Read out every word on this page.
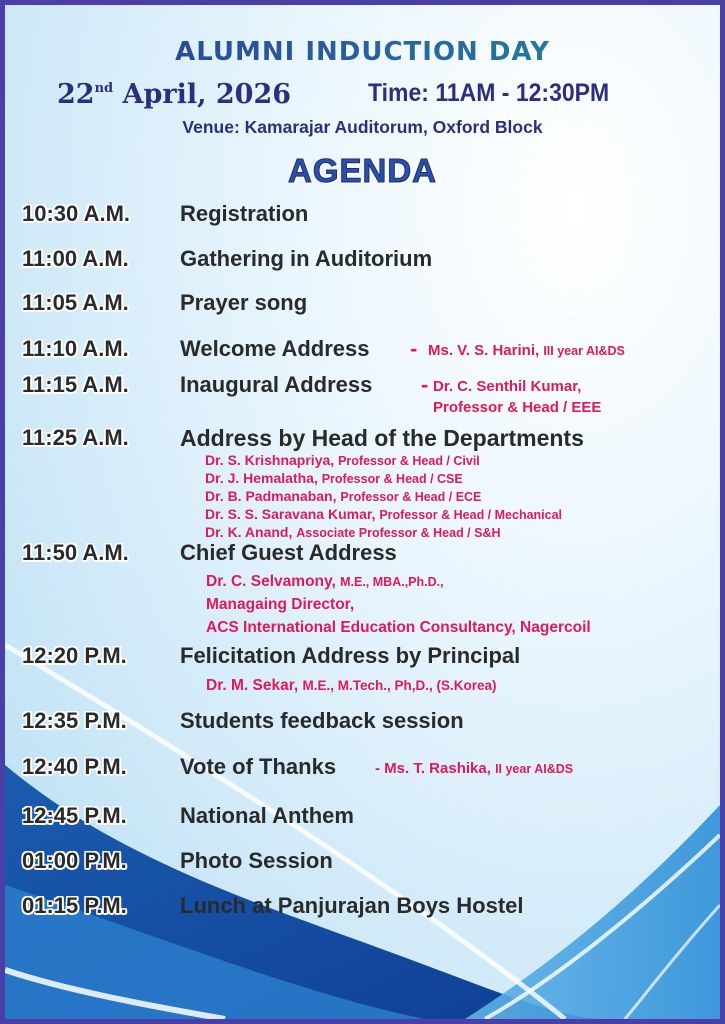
ALUMNI INDUCTION DAY
22nd April, 2026	Time: 11AM - 12:30PM
Venue: Kamarajar Auditorum, Oxford Block
AGENDA
10:30 A.M. Registration
11:00 A.M. Gathering in Auditorium
11:05 A.M. Prayer song
11:10 A.M. Welcome Address - Ms. V. S. Harini, III year AI&DS
11:15 A.M. Inaugural Address - Dr. C. Senthil Kumar,
Professor & Head / EEE
11:25 A.M. Address by Head of the Departments
Dr. S. Krishnapriya, Professor & Head / Civil
Dr. J. Hemalatha, Professor & Head / CSE
Dr. B. Padmanaban, Professor & Head / ECE
Dr. S. S. Saravana Kumar, Professor & Head / Mechanical
Dr. K. Anand, Associate Professor & Head / S&H
11:50 A.M. Chief Guest Address
Dr. C. Selvamony, M.E., MBA.,Ph.D.,
Managaing Director,
ACS International Education Consultancy, Nagercoil
12:20 P.M. Felicitation Address by Principal
Dr. M. Sekar, M.E., M.Tech., Ph,D., (S.Korea)
12:35 P.M. Students feedback session
12:40 P.M. Vote of Thanks	- Ms. T. Rashika, II year AI&DS
12:45 P.M. National Anthem
01:00 P.M. Photo Session
01:15 P.M. Lunch at Panjurajan Boys Hostel
